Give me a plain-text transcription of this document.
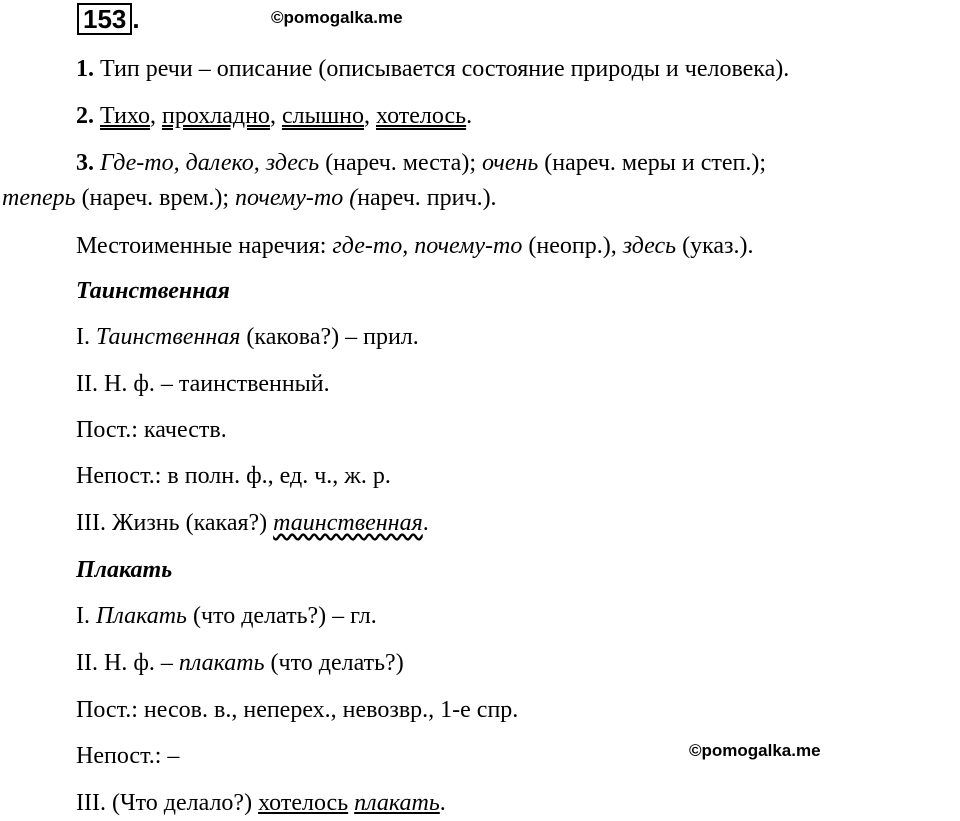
153 .	©pomogalka.me
1. Тип речи – описание (описывается состояние природы и человека).
2. Тихо, прохладно, слышно, хотелось.
3. Где-то, далеко, здесь (нареч. места); очень (нареч. меры и степ.);
теперь (нареч. врем.); почему-то (нареч. прич.).
Местоименные наречия: где-то, почему-то (неопр.), здесь (указ.).
Таинственная
I. Таинственная (какова?) – прил.
II. Н. ф. – таинственный.
Пост.: качеств.
Непост.: в полн. ф., ед. ч., ж. р.
III. Жизнь (какая?) таинственная.
Плакать
I. Плакать (что делать?) – гл.
II. Н. ф. – плакать (что делать?)
Пост.: несов. в., неперех., невозвр., 1-е спр.
Непост.: –
III. (Что делало?) хотелось плакать.
©pomogalka.me
